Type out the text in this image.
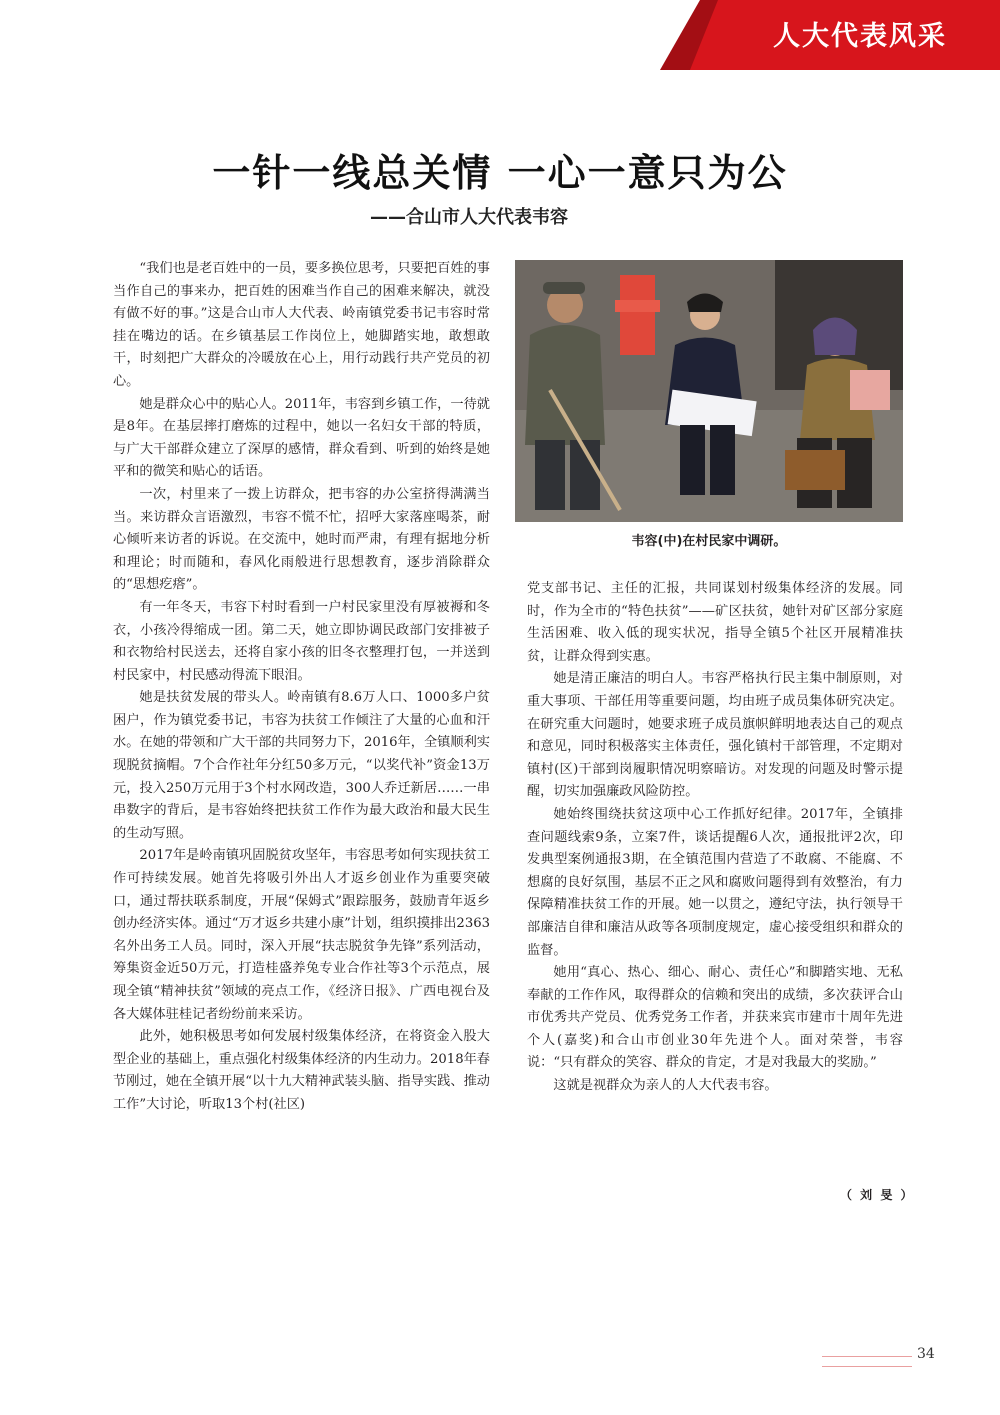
人大代表风采
一针一线总关情 一心一意只为公
——合山市人大代表韦容

“我们也是老百姓中的一员，要多换位思考，只要把百姓的事当作自己的事来办，把百姓的困难当作自己的困难来解决，就没有做不好的事。”这是合山市人大代表、岭南镇党委书记韦容时常挂在嘴边的话。在乡镇基层工作岗位上，她脚踏实地，敢想敢干，时刻把广大群众的冷暖放在心上，用行动践行共产党员的初心。

她是群众心中的贴心人。2011年，韦容到乡镇工作，一待就是8年。在基层摔打磨炼的过程中，她以一名妇女干部的特质，与广大干部群众建立了深厚的感情，群众看到、听到的始终是她平和的微笑和贴心的话语。

一次，村里来了一拨上访群众，把韦容的办公室挤得满满当当。来访群众言语激烈，韦容不慌不忙，招呼大家落座喝茶，耐心倾听来访者的诉说。在交流中，她时而严肃，有理有据地分析和理论；时而随和，春风化雨般进行思想教育，逐步消除群众的“思想疙瘩”。

有一年冬天，韦容下村时看到一户村民家里没有厚被褥和冬衣，小孩冷得缩成一团。第二天，她立即协调民政部门安排被子和衣物给村民送去，还将自家小孩的旧冬衣整理打包，一并送到村民家中，村民感动得流下眼泪。

她是扶贫发展的带头人。岭南镇有8.6万人口、1000多户贫困户，作为镇党委书记，韦容为扶贫工作倾注了大量的心血和汗水。在她的带领和广大干部的共同努力下，2016年，全镇顺利实现脱贫摘帽。7个合作社年分红50多万元，“以奖代补”资金13万元，投入250万元用于3个村水网改造，300人乔迁新居……一串串数字的背后，是韦容始终把扶贫工作作为最大政治和最大民生的生动写照。

2017年是岭南镇巩固脱贫攻坚年，韦容思考如何实现扶贫工作可持续发展。她首先将吸引外出人才返乡创业作为重要突破口，通过帮扶联系制度，开展“保姆式”跟踪服务，鼓励青年返乡创办经济实体。通过“万才返乡共建小康”计划，组织摸排出2363名外出务工人员。同时，深入开展“扶志脱贫争先锋”系列活动，筹集资金近50万元，打造桂盛养兔专业合作社等3个示范点，展现全镇“精神扶贫”领域的亮点工作，《经济日报》、广西电视台及各大媒体驻桂记者纷纷前来采访。

此外，她积极思考如何发展村级集体经济，在将资金入股大型企业的基础上，重点强化村级集体经济的内生动力。2018年春节刚过，她在全镇开展“以十九大精神武装头脑、指导实践、推动工作”大讨论，听取13个村(社区)

韦容(中)在村民家中调研。

党支部书记、主任的汇报，共同谋划村级集体经济的发展。同时，作为全市的“特色扶贫”——矿区扶贫，她针对矿区部分家庭生活困难、收入低的现实状况，指导全镇5个社区开展精准扶贫，让群众得到实惠。

她是清正廉洁的明白人。韦容严格执行民主集中制原则，对重大事项、干部任用等重要问题，均由班子成员集体研究决定。在研究重大问题时，她要求班子成员旗帜鲜明地表达自己的观点和意见，同时积极落实主体责任，强化镇村干部管理，不定期对镇村(区)干部到岗履职情况明察暗访。对发现的问题及时警示提醒，切实加强廉政风险防控。

她始终围绕扶贫这项中心工作抓好纪律。2017年，全镇排查问题线索9条，立案7件，谈话提醒6人次，通报批评2次，印发典型案例通报3期，在全镇范围内营造了不敢腐、不能腐、不想腐的良好氛围，基层不正之风和腐败问题得到有效整治，有力保障精准扶贫工作的开展。她一以贯之，遵纪守法，执行领导干部廉洁自律和廉洁从政等各项制度规定，虚心接受组织和群众的监督。

她用“真心、热心、细心、耐心、责任心”和脚踏实地、无私奉献的工作作风，取得群众的信赖和突出的成绩，多次获评合山市优秀共产党员、优秀党务工作者，并获来宾市建市十周年先进个人(嘉奖)和合山市创业30年先进个人。面对荣誉，韦容说：“只有群众的笑容、群众的肯定，才是对我最大的奖励。”

这就是视群众为亲人的人大代表韦容。

（ 刘 旻 ）
34
